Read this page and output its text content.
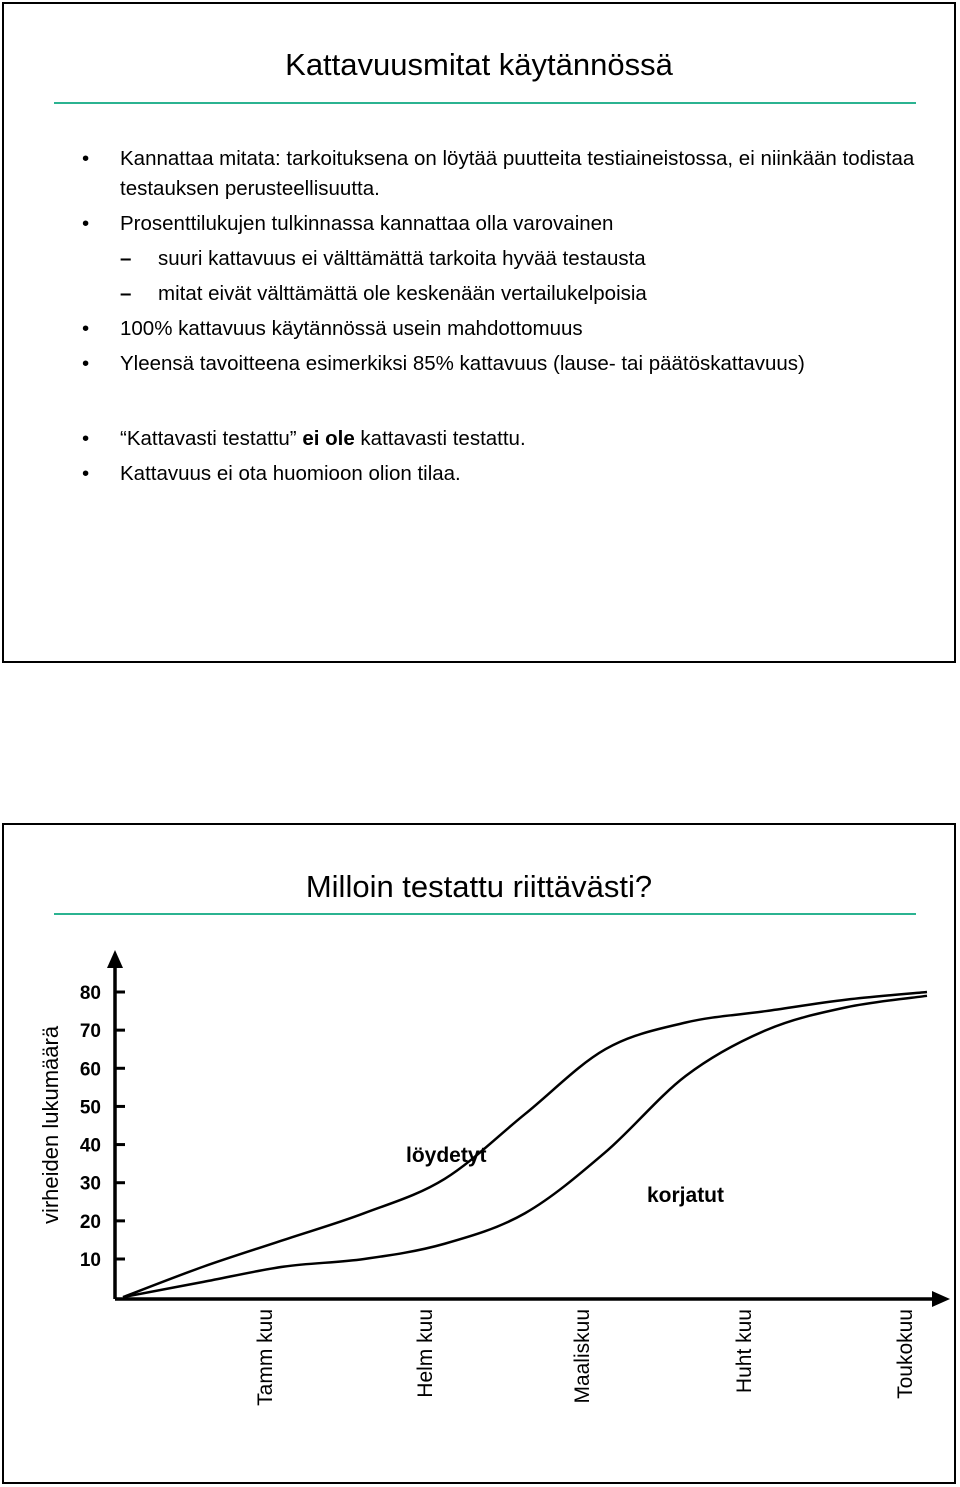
Kattavuusmitat käytännössä

•	Kannattaa mitata: tarkoituksena on löytää puutteita testiaineistossa, ei niinkään todistaa testauksen perusteellisuutta.

•	Prosenttilukujen tulkinnassa kannattaa olla varovainen

–	suuri kattavuus ei välttämättä tarkoita hyvää testausta

–	mitat eivät välttämättä ole keskenään vertailukelpoisia

•	100% kattavuus käytännössä usein mahdottomuus

•	Yleensä tavoitteena esimerkiksi 85% kattavuus (lause- tai päätöskattavuus)

•	“Kattavasti testattu” ei ole kattavasti testattu.

•	Kattavuus ei ota huomioon olion tilaa.

Milloin testattu riittävästi?
10
20
30
40
50
60
70
80
Tamm kuu	Helm kuu	Maaliskuu	Huht kuu	Toukokuu
löydetyt
korjatut
virheiden lukumäärä
